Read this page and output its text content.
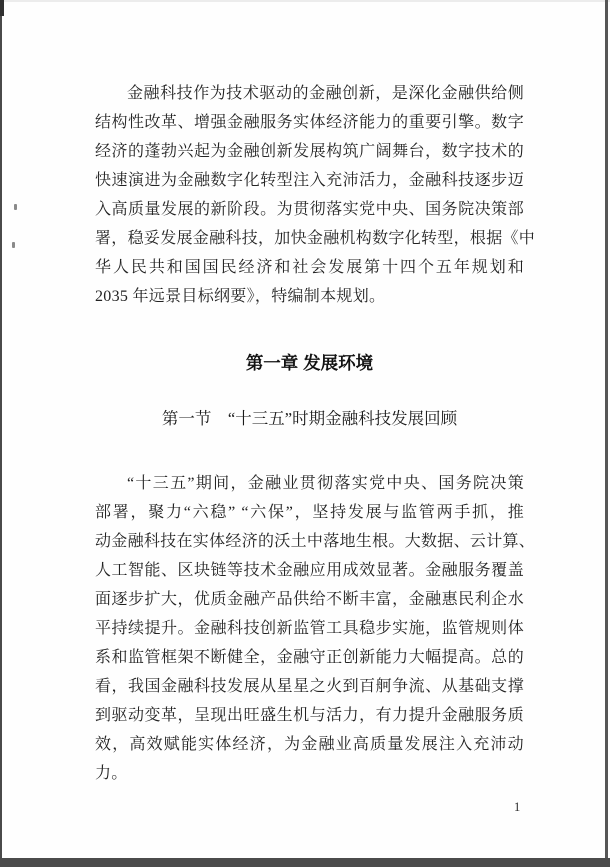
金融科技作为技术驱动的金融创新，是深化金融供给侧
结构性改革、增强金融服务实体经济能力的重要引擎。数字
经济的蓬勃兴起为金融创新发展构筑广阔舞台，数字技术的
快速演进为金融数字化转型注入充沛活力，金融科技逐步迈
入高质量发展的新阶段。为贯彻落实党中央、国务院决策部
署，稳妥发展金融科技，加快金融机构数字化转型，根据《中
华人民共和国国民经济和社会发展第十四个五年规划和
2035 年远景目标纲要》，特编制本规划。
第一章 发展环境
第一节　“十三五”时期金融科技发展回顾
“十三五”期间，金融业贯彻落实党中央、国务院决策
部署，聚力“六稳” “六保”，坚持发展与监管两手抓，推
动金融科技在实体经济的沃土中落地生根。大数据、云计算、
人工智能、区块链等技术金融应用成效显著。金融服务覆盖
面逐步扩大，优质金融产品供给不断丰富，金融惠民利企水
平持续提升。金融科技创新监管工具稳步实施，监管规则体
系和监管框架不断健全，金融守正创新能力大幅提高。总的
看，我国金融科技发展从星星之火到百舸争流、从基础支撑
到驱动变革，呈现出旺盛生机与活力，有力提升金融服务质
效，高效赋能实体经济，为金融业高质量发展注入充沛动力。
1
